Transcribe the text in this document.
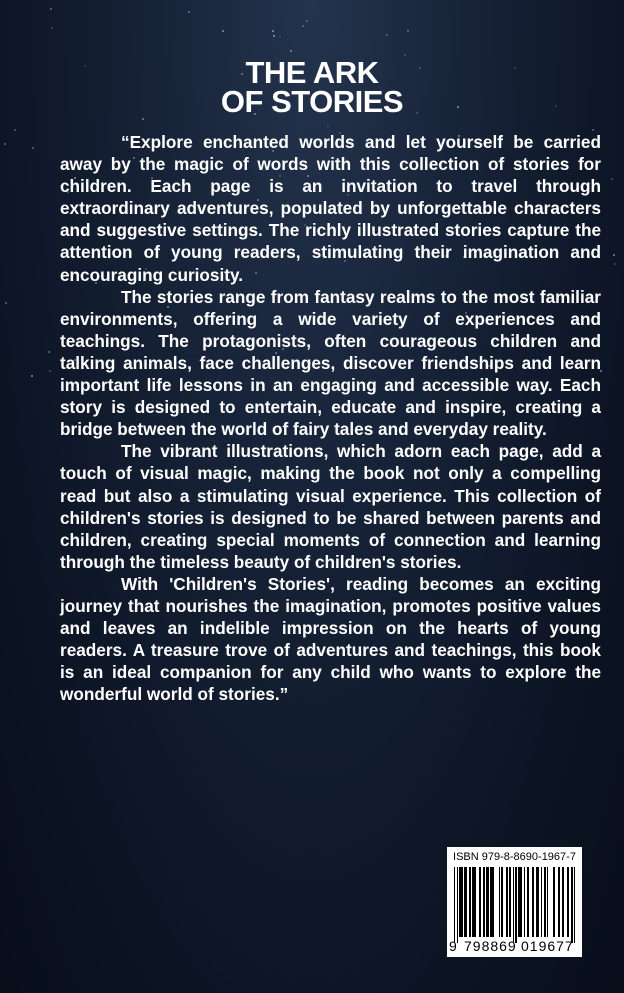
THE ARK
OF STORIES

“Explore enchanted worlds and let yourself be carried away by the magic of words with this collection of stories for children. Each page is an invitation to travel through extraordinary adventures, populated by unforgettable characters and suggestive settings. The richly illustrated stories capture the attention of young readers, stimulating their imagination and encouraging curiosity.

The stories range from fantasy realms to the most familiar environments, offering a wide variety of experiences and teachings. The protagonists, often courageous children and talking animals, face challenges, discover friendships and learn important life lessons in an engaging and accessible way. Each story is designed to entertain, educate and inspire, creating a bridge between the world of fairy tales and everyday reality.

The vibrant illustrations, which adorn each page, add a touch of visual magic, making the book not only a compelling read but also a stimulating visual experience. This collection of children's stories is designed to be shared between parents and children, creating special moments of connection and learning through the timeless beauty of children's stories.

With 'Children's Stories', reading becomes an exciting journey that nourishes the imagination, promotes positive values and leaves an indelible impression on the hearts of young readers. A treasure trove of adventures and teachings, this book is an ideal companion for any child who wants to explore the wonderful world of stories.”

ISBN 979-8-8690-1967-7
9 798869 019677
